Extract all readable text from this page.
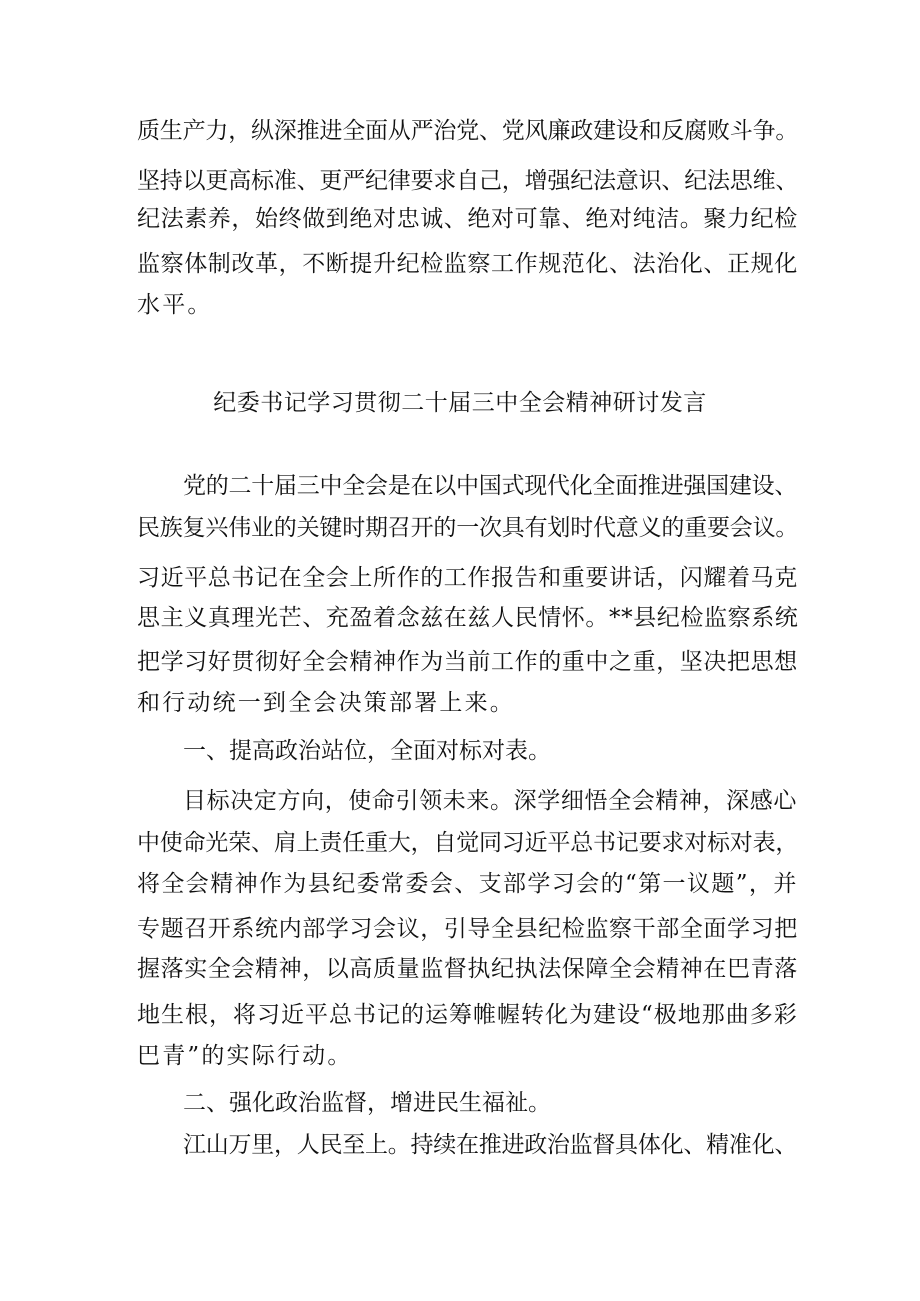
质生产力，纵深推进全面从严治党、党风廉政建设和反腐败斗争。
坚持以更高标准、更严纪律要求自己，增强纪法意识、纪法思维、
纪法素养，始终做到绝对忠诚、绝对可靠、绝对纯洁。聚力纪检
监察体制改革，不断提升纪检监察工作规范化、法治化、正规化
水平。
纪委书记学习贯彻二十届三中全会精神研讨发言
党的二十届三中全会是在以中国式现代化全面推进强国建设、
民族复兴伟业的关键时期召开的一次具有划时代意义的重要会议。
习近平总书记在全会上所作的工作报告和重要讲话，闪耀着马克
思主义真理光芒、充盈着念兹在兹人民情怀。**县纪检监察系统
把学习好贯彻好全会精神作为当前工作的重中之重，坚决把思想
和行动统一到全会决策部署上来。
一、提高政治站位，全面对标对表。
目标决定方向，使命引领未来。深学细悟全会精神，深感心
中使命光荣、肩上责任重大，自觉同习近平总书记要求对标对表，
将全会精神作为县纪委常委会、支部学习会的“第一议题”，并
专题召开系统内部学习会议，引导全县纪检监察干部全面学习把
握落实全会精神，以高质量监督执纪执法保障全会精神在巴青落
地生根，将习近平总书记的运筹帷幄转化为建设“极地那曲多彩
巴青”的实际行动。
二、强化政治监督，增进民生福祉。
江山万里，人民至上。持续在推进政治监督具体化、精准化、
